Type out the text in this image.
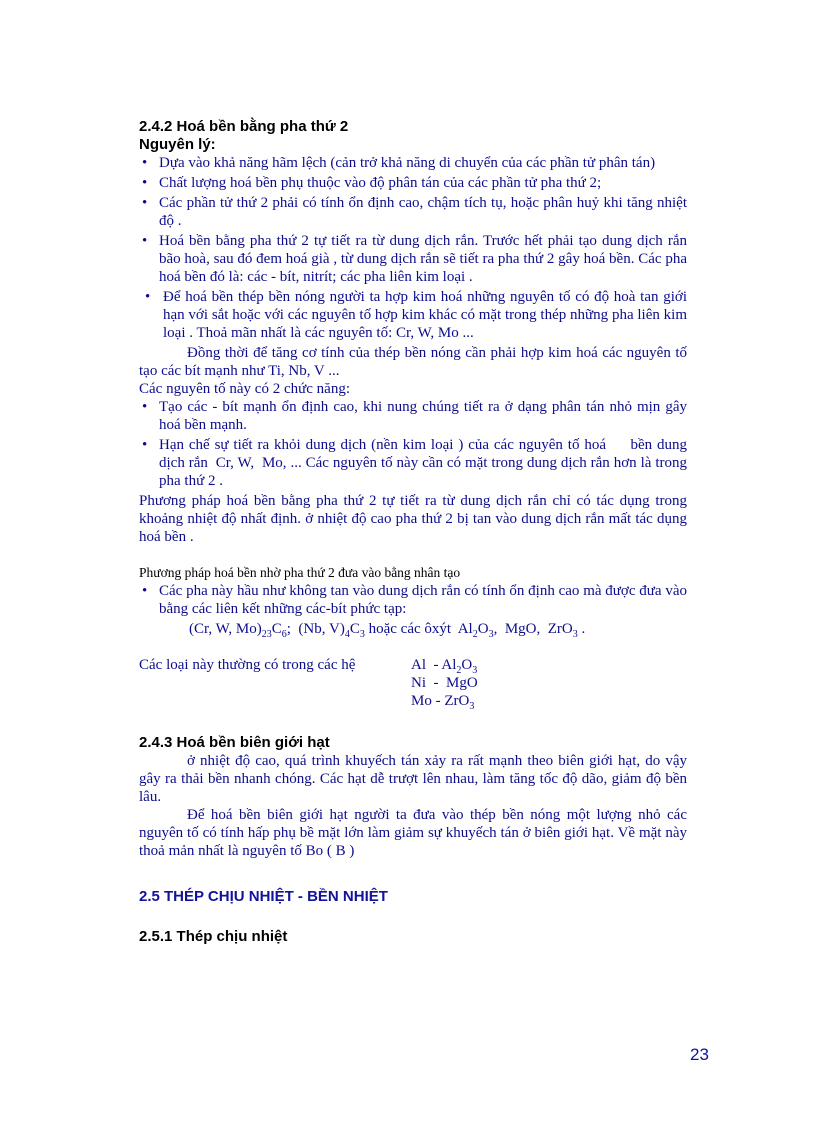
2.4.2 Hoá bền bằng pha thứ 2
Nguyên lý:
• Dựa vào khả năng hãm lệch (cản trở khả năng di chuyển của các phần tử phân tán)
• Chất lượng hoá bền phụ thuộc vào độ phân tán của các phần tử pha thứ 2;
• Các phần tử thứ 2 phải có tính ổn định cao, chậm tích tụ, hoặc phân huỷ khi tăng nhiệt độ .
• Hoá bền bằng pha thứ 2 tự tiết ra từ dung dịch rắn. Trước hết phải tạo dung dịch rắn bão hoà, sau đó đem hoá già , từ dung dịch rắn sẽ tiết ra pha thứ 2 gây hoá bền. Các pha hoá bền đó là: các - bít, nitrít; các pha liên kim loại .
• Để hoá bền thép bền nóng người ta hợp kim hoá những nguyên tố có độ hoà tan giới hạn với sắt hoặc với các nguyên tố hợp kim khác có mặt trong thép những pha liên kim loại . Thoả mãn nhất là các nguyên tố: Cr, W, Mo ...
Đồng thời để tăng cơ tính của thép bền nóng cần phải hợp kim hoá các nguyên tố tạo các bít mạnh như Ti, Nb, V ...
Các nguyên tố này có 2 chức năng:
• Tạo các - bít mạnh ổn định cao, khi nung chúng tiết ra ở dạng phân tán nhỏ mịn gây hoá bền mạnh.
• Hạn chế sự tiết ra khỏi dung dịch (nền kim loại ) của các nguyên tố hoá     bền dung dịch rắn  Cr, W,  Mo, ... Các nguyên tố này cần có mặt trong dung dịch rắn hơn là trong pha thứ 2 .
Phương pháp hoá bền bằng pha thứ 2 tự tiết ra từ dung dịch rắn chỉ có tác dụng trong khoảng nhiệt độ nhất định. ở nhiệt độ cao pha thứ 2 bị tan vào dung dịch rắn mất tác dụng hoá bền .
Phương pháp hoá bền nhờ pha thứ 2 đưa vào bằng nhân tạo
• Các pha này hầu như không tan vào dung dịch rắn có tính ổn định cao mà được đưa vào bằng các liên kết những các-bít phức tạp:
(Cr, W, $Mo)_{23}C_6$;  (Nb, $V)_4C_3$ hoặc các ôxýt  $Al_2O_3$,  MgO,  ZrO$_3$ .
Các loại này thường có trong các hệ	Al  - $Al_2O_3$
Ni  -  MgO
Mo - ZrO$_3$
2.4.3 Hoá bền biên giới hạt
ở nhiệt độ cao, quá trình khuyếch tán xảy ra rất mạnh theo biên giới hạt, do vậy gây ra thải bền nhanh chóng. Các hạt dễ trượt lên nhau, làm tăng tốc độ dão, giảm độ bền lâu.
Để hoá bền biên giới hạt người ta đưa vào thép bền nóng một lượng nhỏ các nguyên tố có tính hấp phụ bề mặt lớn làm giảm sự khuyếch tán ở biên giới hạt. Về mặt này thoả mản nhất là nguyên tố Bo ( B )
2.5 THÉP CHỊU NHIỆT - BỀN NHIỆT
2.5.1 Thép chịu nhiệt
23
